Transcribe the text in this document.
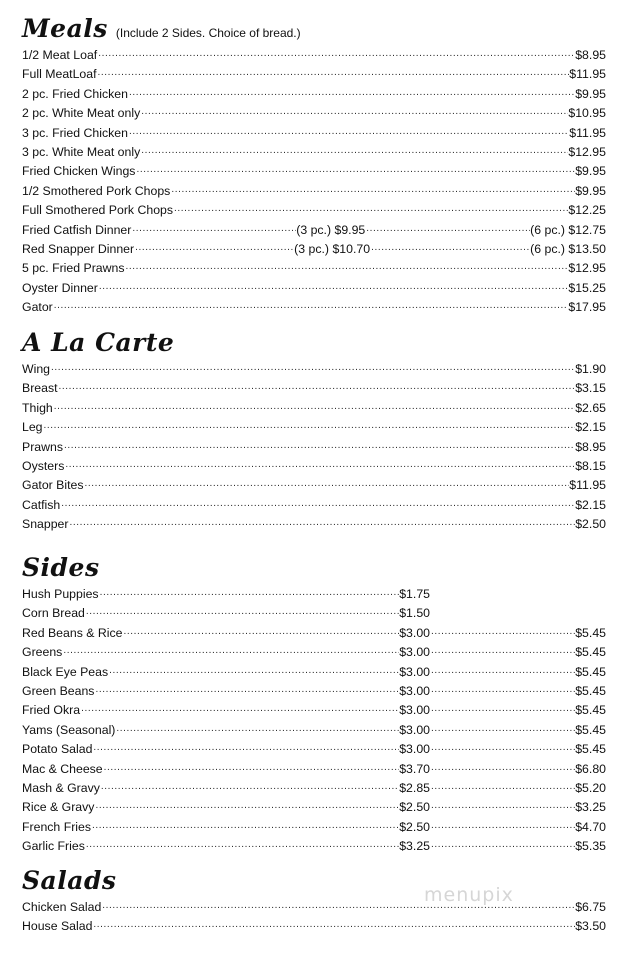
Meals (Include 2 Sides. Choice of bread.)
1/2 Meat Loaf .....	$8.95
Full MeatLoaf .....	$11.95
2 pc. Fried Chicken .....	$9.95
2 pc. White Meat only .....	$10.95
3 pc. Fried Chicken .....	$11.95
3 pc. White Meat only .....	$12.95
Fried Chicken Wings .....	$9.95
1/2 Smothered Pork Chops .....	$9.95
Full Smothered Pork Chops .....	$12.25
Fried Catfish Dinner .....	(3 pc.) $9.95 .....	(6 pc.) $12.75
Red Snapper Dinner .....	(3 pc.) $10.70 .....	(6 pc.) $13.50
5 pc. Fried Prawns .....	$12.95
Oyster Dinner .....	$15.25
Gator .....	$17.95
A La Carte
Wing .....	$1.90
Breast .....	$3.15
Thigh .....	$2.65
Leg .....	$2.15
Prawns .....	$8.95
Oysters .....	$8.15
Gator Bites .....	$11.95
Catfish .....	$2.15
Snapper .....	$2.50
Sides
Hush Puppies .....	$1.75
Corn Bread .....	$1.50
Red Beans & Rice .....	$3.00 .....	$5.45
Greens .....	$3.00 .....	$5.45
Black Eye Peas .....	$3.00 .....	$5.45
Green Beans .....	$3.00 .....	$5.45
Fried Okra .....	$3.00 .....	$5.45
Yams (Seasonal) .....	$3.00 .....	$5.45
Potato Salad .....	$3.00 .....	$5.45
Mac & Cheese .....	$3.70 .....	$6.80
Mash & Gravy .....	$2.85 .....	$5.20
Rice & Gravy .....	$2.50 .....	$3.25
French Fries .....	$2.50 .....	$4.70
Garlic Fries .....	$3.25 .....	$5.35
Salads
Chicken Salad .....	$6.75
House Salad .....	$3.50
menupix
